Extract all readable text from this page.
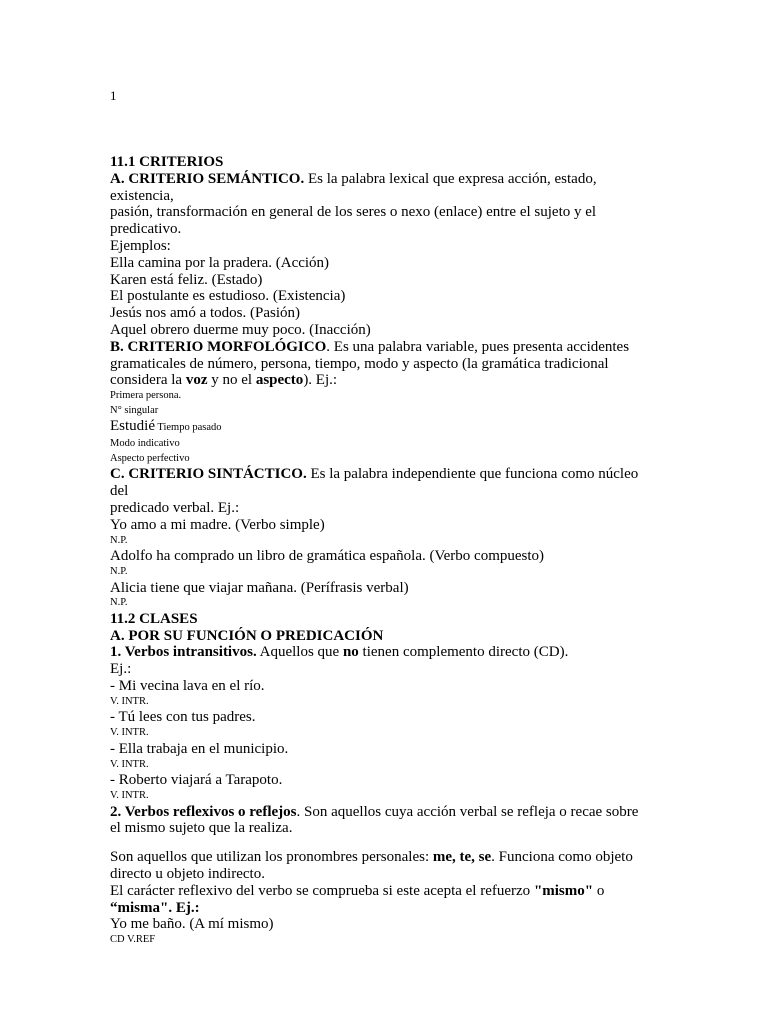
1

11.1 CRITERIOS

A. CRITERIO SEMÁNTICO. Es la palabra lexical que expresa acción, estado,

existencia,

pasión, transformación en general de los seres o nexo (enlace) entre el sujeto y el

predicativo.

Ejemplos:

Ella camina por la pradera. (Acción)

Karen está feliz. (Estado)

El postulante es estudioso. (Existencia)

Jesús nos amó a todos. (Pasión)

Aquel obrero duerme muy poco. (Inacción)

B. CRITERIO MORFOLÓGICO. Es una palabra variable, pues presenta accidentes

gramaticales de número, persona, tiempo, modo y aspecto (la gramática tradicional

considera la voz y no el aspecto). Ej.:

Primera persona.

N° singular

Estudié Tiempo pasado

Modo indicativo

Aspecto perfectivo

C. CRITERIO SINTÁCTICO. Es la palabra independiente que funciona como núcleo

del

predicado verbal. Ej.:

Yo amo a mi madre. (Verbo simple)

N.P.

Adolfo ha comprado un libro de gramática española. (Verbo compuesto)

N.P.

Alicia tiene que viajar mañana. (Perífrasis verbal)

N.P.

11.2 CLASES

A. POR SU FUNCIÓN O PREDICACIÓN

1. Verbos intransitivos. Aquellos que no tienen complemento directo (CD).

Ej.:

- Mi vecina lava en el río.

V. INTR.

- Tú lees con tus padres.

V. INTR.

- Ella trabaja en el municipio.

V. INTR.

- Roberto viajará a Tarapoto.

V. INTR.

2. Verbos reflexivos o reflejos. Son aquellos cuya acción verbal se refleja o recae sobre

el mismo sujeto que la realiza.

Son aquellos que utilizan los pronombres personales: me, te, se. Funciona como objeto

directo u objeto indirecto.

El carácter reflexivo del verbo se comprueba si este acepta el refuerzo "mismo" o

“misma". Ej.:

Yo me baño. (A mí mismo)

CD V.REF
